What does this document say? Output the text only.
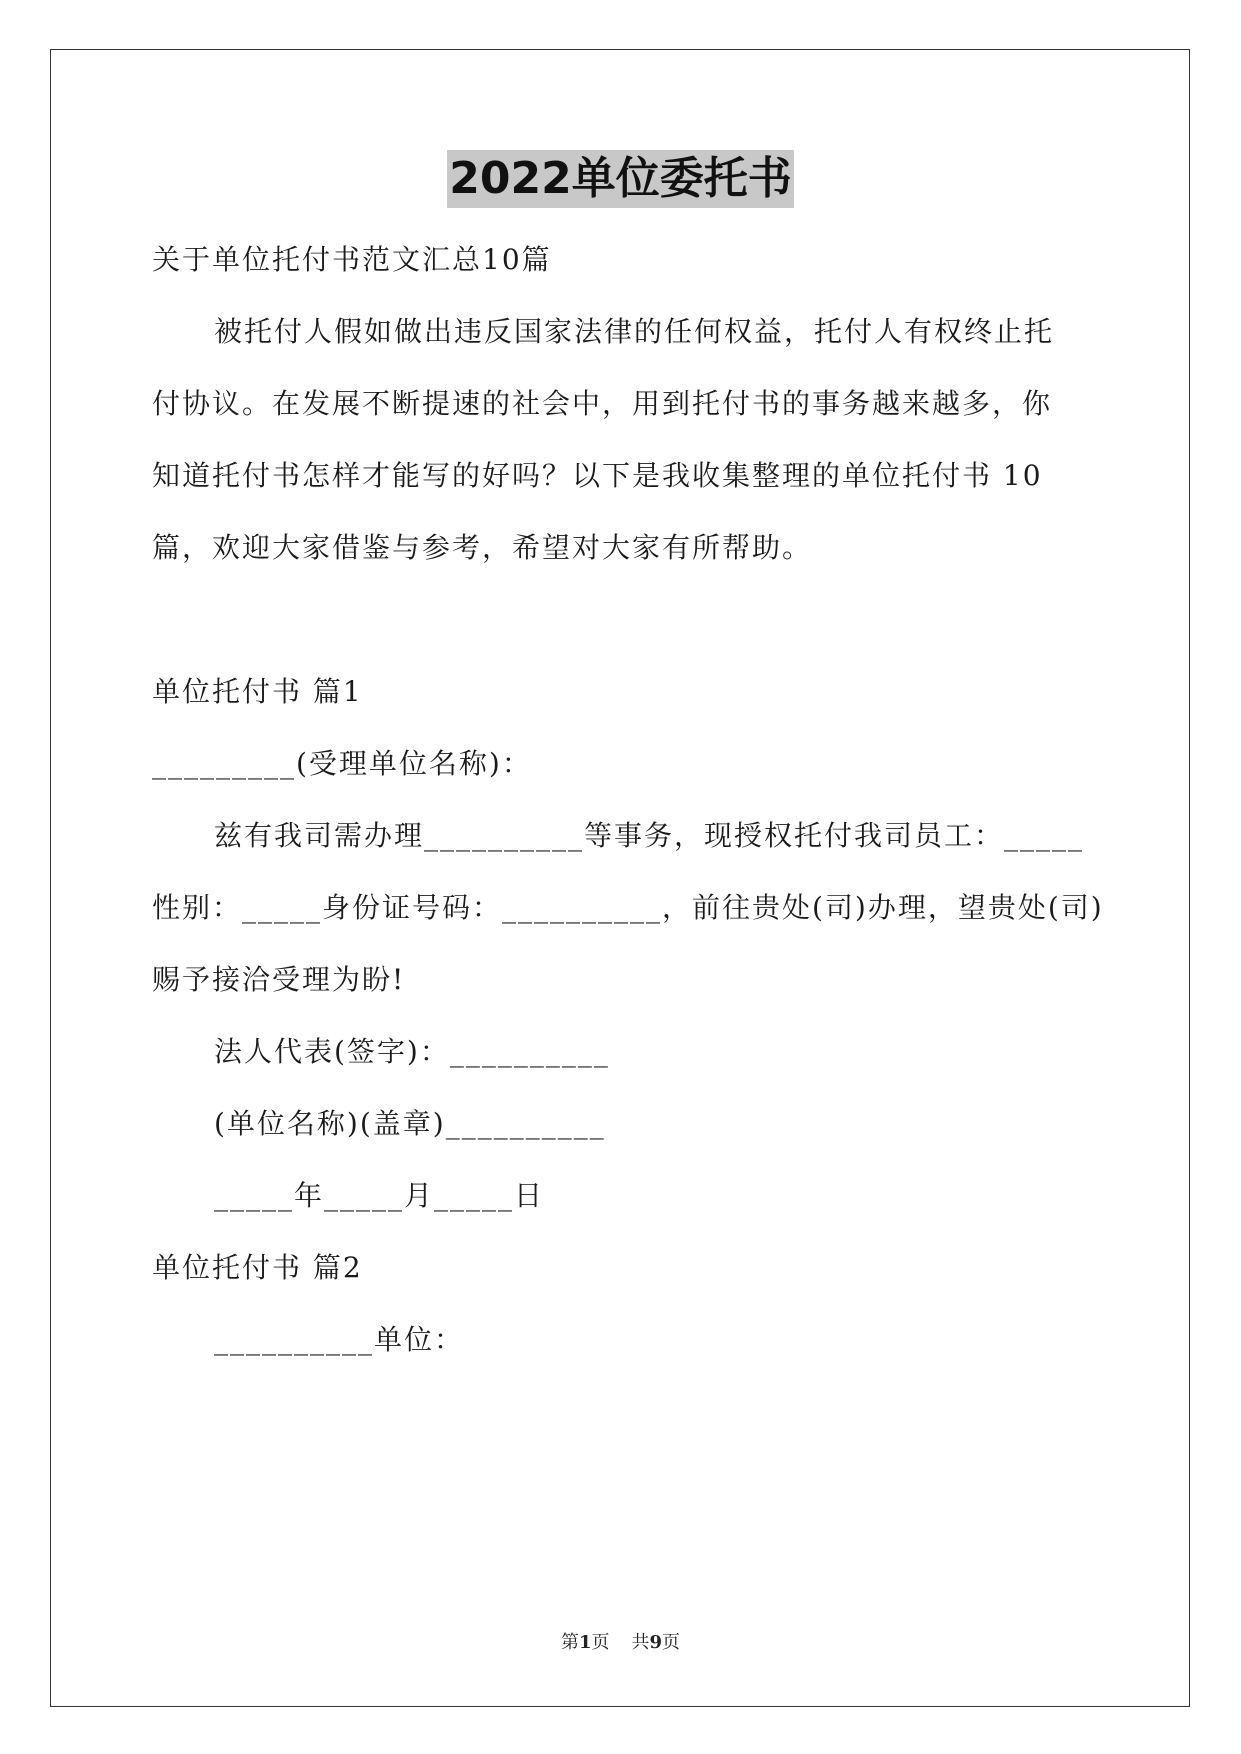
2022单位委托书
关于单位托付书范文汇总10篇
被托付人假如做出违反国家法律的任何权益，托付人有权终止托
付协议。在发展不断提速的社会中，用到托付书的事务越来越多，你
知道托付书怎样才能写的好吗？以下是我收集整理的单位托付书 10
篇，欢迎大家借鉴与参考，希望对大家有所帮助。
单位托付书 篇1
_________(受理单位名称)：
兹有我司需办理__________等事务，现授权托付我司员工：_____
性别：_____身份证号码：__________，前往贵处(司)办理，望贵处(司)
赐予接洽受理为盼!
法人代表(签字)：__________
(单位名称)(盖章)__________
_____年_____月_____日
单位托付书 篇2
__________单位：
第1页 共9页
